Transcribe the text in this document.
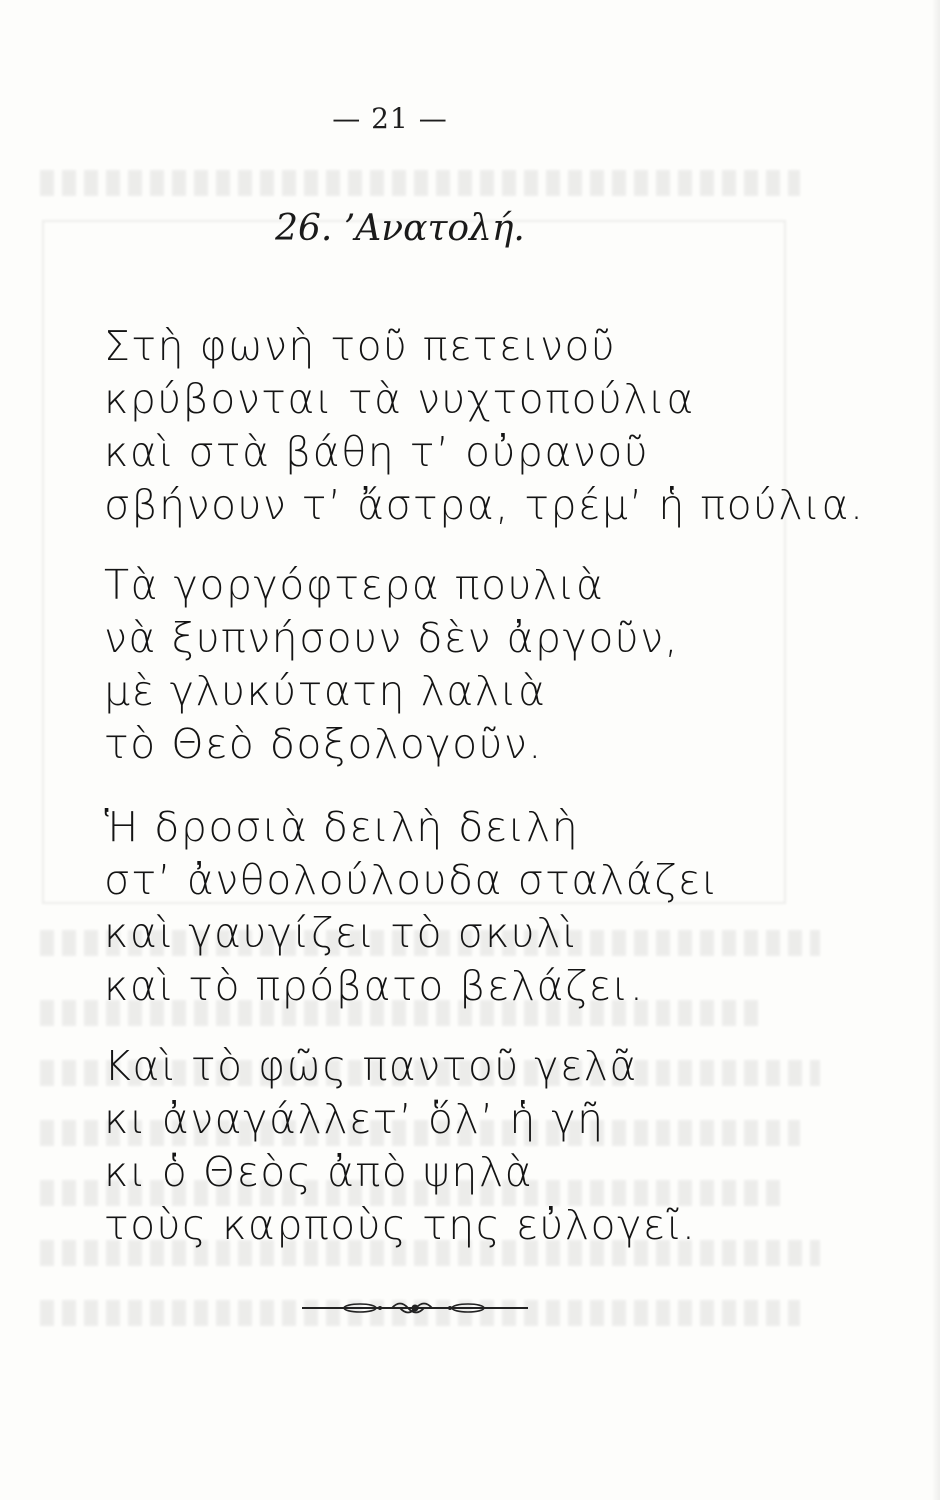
— 21 —
26. ’Ανατολή.
Στὴ φωνὴ τοῦ πετεινοῦ
κρύβονται τὰ νυχτοπούλια
καὶ στὰ βάθη τ’ οὐρανοῦ
σβήνουν τ’ ἄστρα, τρέμ’ ἡ πούλια.
Τὰ γοργόφτερα πουλιὰ
νὰ ξυπνήσουν δὲν ἀργοῦν,
μὲ γλυκύτατη λαλιὰ
τὸ Θεὸ δοξολογοῦν.
Ἡ δροσιὰ δειλὴ δειλὴ
στ’ ἀνθολούλουδα σταλάζει
καὶ γαυγίζει τὸ σκυλὶ
καὶ τὸ πρόβατο βελάζει.
Καὶ τὸ φῶς παντοῦ γελᾶ
κι ἀναγάλλετ’ ὅλ’ ἡ γῆ
κι ὁ Θεὸς ἀπὸ ψηλὰ
τοὺς καρποὺς της εὐλογεῖ.
